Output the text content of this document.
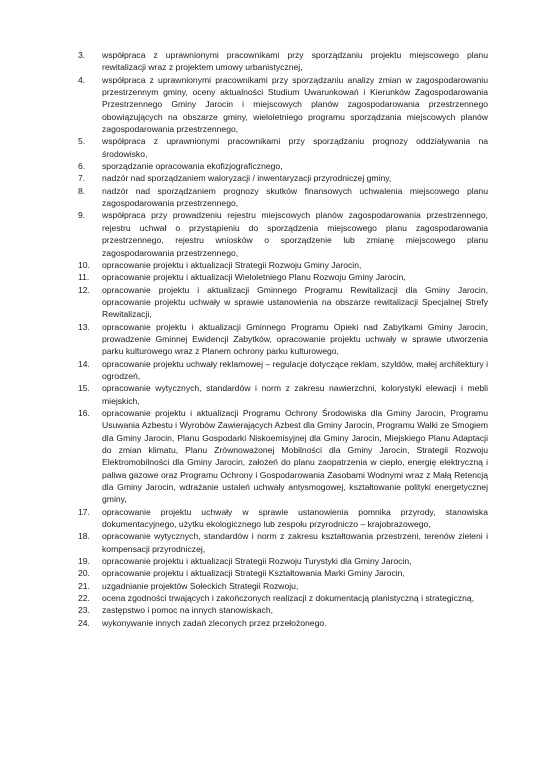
3.	współpraca z uprawnionymi pracownikami przy sporządzaniu projektu miejscowego planu rewitalizacji wraz z projektem umowy urbanistycznej,
4.	współpraca z uprawnionymi pracownikami przy sporządzaniu analizy zmian w zagospodarowaniu przestrzennym gminy, oceny aktualności Studium Uwarunkowań i Kierunków Zagospodarowania Przestrzennego Gminy Jarocin i miejscowych planów zagospodarowania przestrzennego obowiązujących na obszarze gminy, wieloletniego programu sporządzania miejscowych planów zagospodarowania przestrzennego,
5.	współpraca z uprawnionymi pracownikami przy sporządzaniu prognozy oddziaływania na środowisko,
6.	sporządzanie opracowania ekofizjograficznego,
7.	nadzór nad sporządzaniem waloryzacji / inwentaryzacji przyrodniczej gminy,
8.	nadzór nad sporządzaniem prognozy skutków finansowych uchwalenia miejscowego planu zagospodarowania przestrzennego,
9.	współpraca przy prowadzeniu rejestru miejscowych planów zagospodarowania przestrzennego, rejestru uchwał o przystąpieniu do sporządzenia miejscowego planu zagospodarowania przestrzennego, rejestru wniosków o sporządzenie lub zmianę miejscowego planu zagospodarowania przestrzennego,
10.	opracowanie projektu i aktualizacji Strategii Rozwoju Gminy Jarocin,
11.	opracowanie projektu i aktualizacji Wieloletniego Planu Rozwoju Gminy Jarocin,
12.	opracowanie projektu i aktualizacji Gminnego Programu Rewitalizacji dla Gminy Jarocin, opracowanie projektu uchwały w sprawie ustanowienia na obszarze rewitalizacji Specjalnej Strefy Rewitalizacji,
13.	opracowanie projektu i aktualizacji Gminnego Programu Opieki nad Zabytkami Gminy Jarocin, prowadzenie Gminnej Ewidencji Zabytków, opracowanie projektu uchwały w sprawie utworzenia parku kulturowego wraz z Planem ochrony parku kulturowego,
14.	opracowanie projektu uchwały reklamowej – regulacje dotyczące reklam, szyldów, małej architektury i ogrodzeń,
15.	opracowanie wytycznych, standardów i norm z zakresu nawierzchni, kolorystyki elewacji i mebli miejskich,
16.	opracowanie projektu i aktualizacji Programu Ochrony Środowiska dla Gminy Jarocin, Programu Usuwania Azbestu i Wyrobów Zawierających Azbest dla Gminy Jarocin, Programu Walki ze Smogiem dla Gminy Jarocin, Planu Gospodarki Niskoemisyjnej dla Gminy Jarocin, Miejskiego Planu Adaptacji do zmian klimatu, Planu Zrównoważonej Mobilności dla Gminy Jarocin, Strategii Rozwoju Elektromobilności dla Gminy Jarocin, założeń do planu zaopatrzenia w ciepło, energię elektryczną i paliwa gazowe oraz Programu Ochrony i Gospodarowania Zasobami Wodnymi wraz z Małą Retencją dla Gminy Jarocin, wdrażanie ustaleń uchwały antysmogowej, kształtowanie polityki energetycznej gminy,
17.	opracowanie projektu uchwały w sprawie ustanowienia pomnika przyrody, stanowiska dokumentacyjnego, użytku ekologicznego lub zespołu przyrodniczo – krajobrazowego,
18.	opracowanie wytycznych, standardów i norm z zakresu kształtowania przestrzeni, terenów zieleni i kompensacji przyrodniczej,
19.	opracowanie projektu i aktualizacji Strategii Rozwoju Turystyki dla Gminy Jarocin,
20.	opracowanie projektu i aktualizacji Strategii Kształtowania Marki Gminy Jarocin,
21.	uzgadnianie projektów Sołeckich Strategii Rozwoju,
22.	ocena zgodności trwających i zakończonych realizacji z dokumentacją planistyczną i strategiczną,
23.	zastępstwo i pomoc na innych stanowiskach,
24.	wykonywanie innych zadań zleconych przez przełożonego.
